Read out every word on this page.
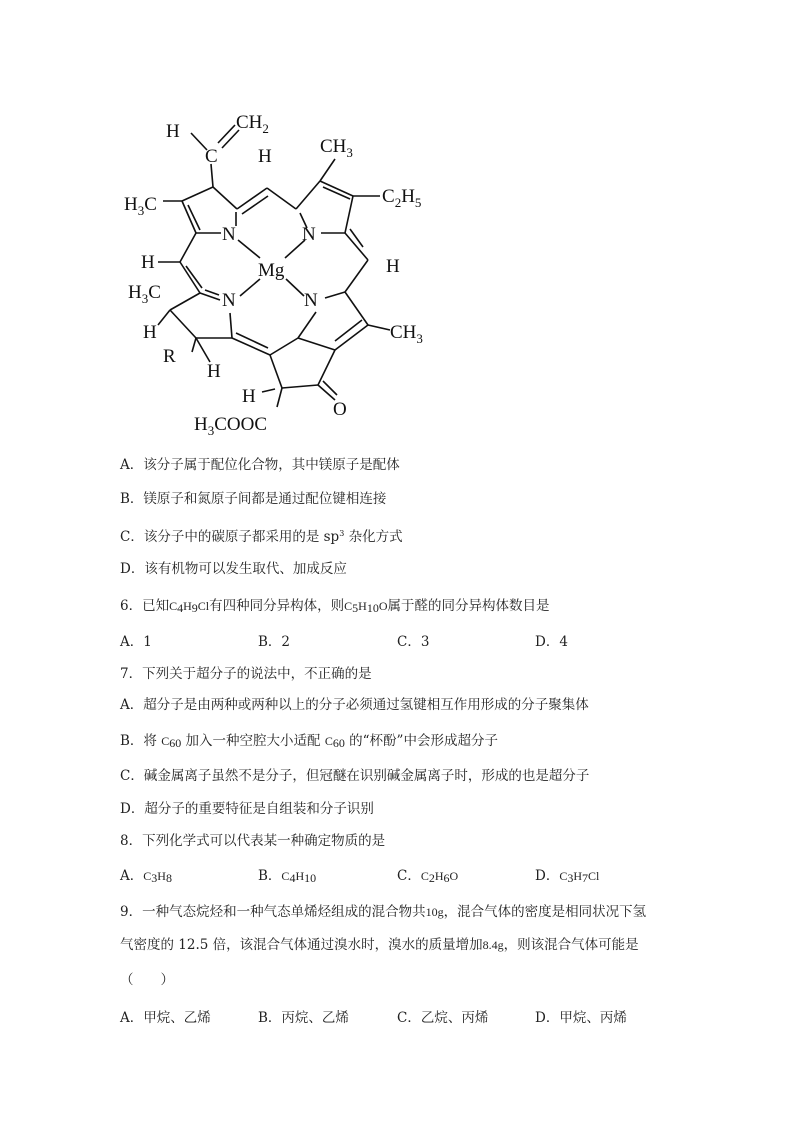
H	$CH_2$
C H	$CH_3$
$H_3C$	$C_2H_5$
N	N
H	Mg	H
$H_3C$	N	N
H	$CH_3$
R
H
H
O
$H_3COOC$
A．该分子属于配位化合物，其中镁原子是配体
B．镁原子和氮原子间都是通过配位键相连接
C．该分子中的碳原子都采用的是 $sp^3$ 杂化方式
D．该有机物可以发生取代、加成反应
6．已知$C_4H_9Cl$有四种同分异构体，则$C_5H_{10}O$属于醛的同分异构体数目是
A．1	B．2	C．3	D．4
7．下列关于超分子的说法中，不正确的是
A．超分子是由两种或两种以上的分子必须通过氢键相互作用形成的分子聚集体
B．将 $C_{60}$ 加入一种空腔大小适配 $C_{60}$ 的“杯酚”中会形成超分子
C．碱金属离子虽然不是分子，但冠醚在识别碱金属离子时，形成的也是超分子
D．超分子的重要特征是自组装和分子识别
8．下列化学式可以代表某一种确定物质的是
A．$C_3H_8$	B．$C_4H_{10}$	C．$C_2H_6O$	D．$C_3H_7Cl$
9．一种气态烷烃和一种气态单烯烃组成的混合物共10g，混合气体的密度是相同状况下氢
气密度的 12.5 倍，该混合气体通过溴水时，溴水的质量增加8.4g，则该混合气体可能是
（　　）
A．甲烷、乙烯	B．丙烷、乙烯	C．乙烷、丙烯	D．甲烷、丙烯
